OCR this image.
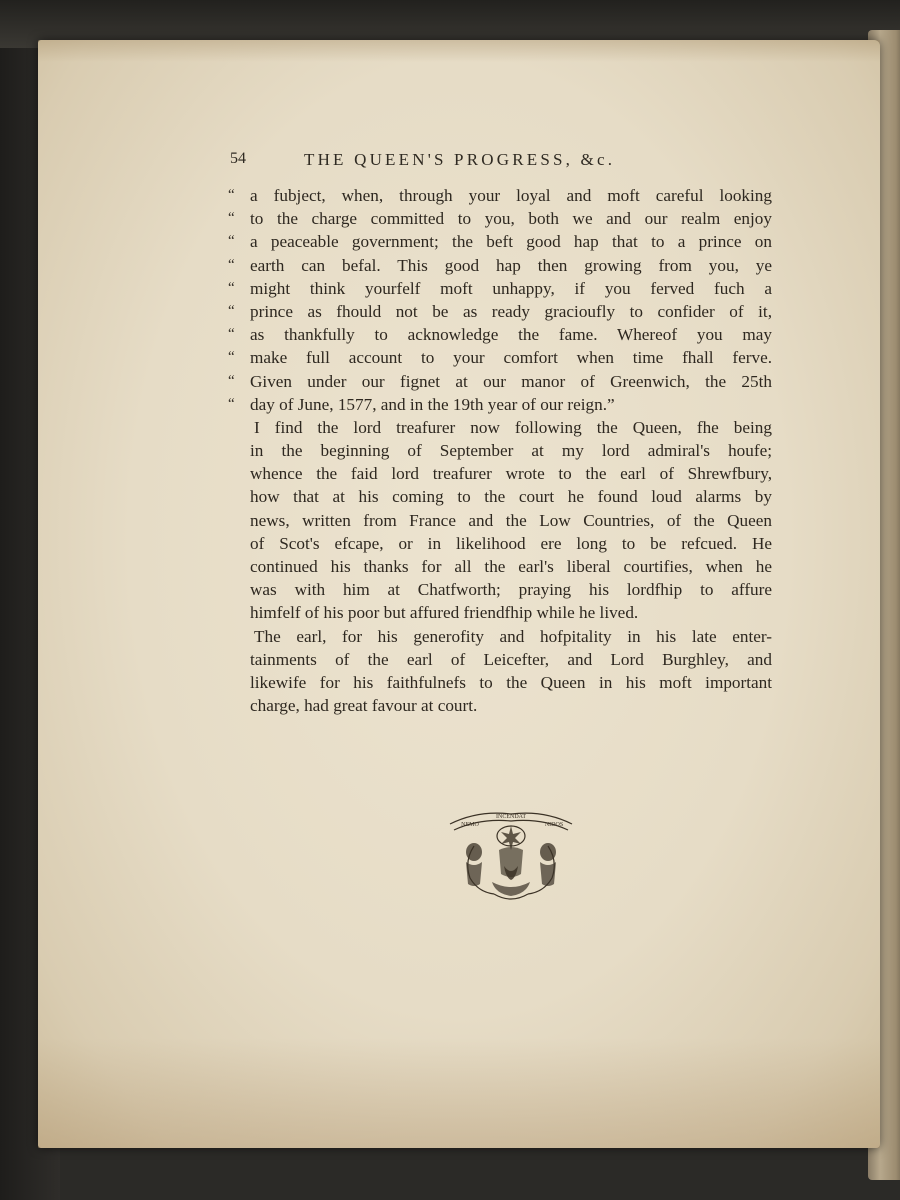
54	THE QUEEN'S PROGRESS, &c.
“ a fubject, when, through your loyal and moft careful looking
“ to the charge committed to you, both we and our realm enjoy
“ a peaceable government; the beft good hap that to a prince on
“ earth can befal. This good hap then growing from you, ye
“ might think yourfelf moft unhappy, if you ferved fuch a
“ prince as fhould not be as ready gracioufly to confider of it,
“ as thankfully to acknowledge the fame. Whereof you may
“ make full account to your comfort when time fhall ferve.
“ Given under our fignet at our manor of Greenwich, the 25th
“ day of June, 1577, and in the 19th year of our reign.”
I find the lord treafurer now following the Queen, fhe being
in the beginning of September at my lord admiral's houfe;
whence the faid lord treafurer wrote to the earl of Shrewfbury,
how that at his coming to the court he found loud alarms by
news, written from France and the Low Countries, of the Queen
of Scot's efcape, or in likelihood ere long to be refcued. He
continued his thanks for all the earl's liberal courtifies, when he
was with him at Chatfworth; praying his lordfhip to affure
himfelf of his poor but affured friendfhip while he lived.
The earl, for his generofity and hofpitality in his late enter-
tainments of the earl of Leicefter, and Lord Burghley, and
likewife for his faithfulnefs to the Queen in his moft important
charge, had great favour at court.
NEMO
INCENDAT
NIDOS
